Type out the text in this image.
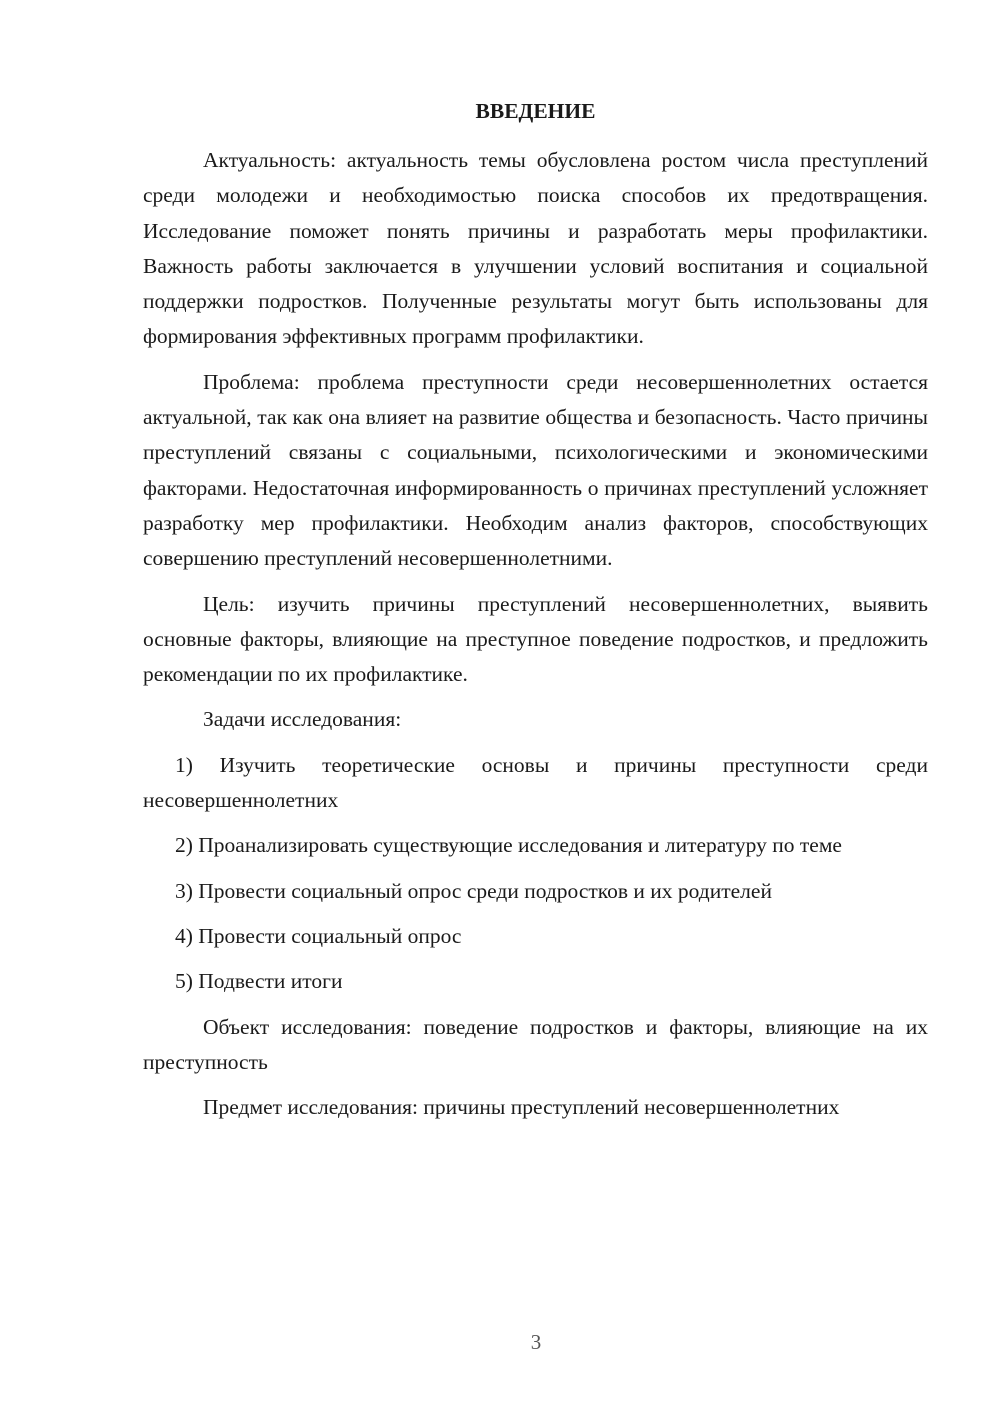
ВВЕДЕНИЕ

Актуальность: актуальность темы обусловлена ростом числа преступлений среди молодежи и необходимостью поиска способов их предотвращения. Исследование поможет понять причины и разработать меры профилактики. Важность работы заключается в улучшении условий воспитания и социальной поддержки подростков. Полученные результаты могут быть использованы для формирования эффективных программ профилактики.

Проблема: проблема преступности среди несовершеннолетних остается актуальной, так как она влияет на развитие общества и безопасность. Часто причины преступлений связаны с социальными, психологическими и экономическими факторами. Недостаточная информированность о причинах преступлений усложняет разработку мер профилактики. Необходим анализ факторов, способствующих совершению преступлений несовершеннолетними.

Цель: изучить причины преступлений несовершеннолетних, выявить основные факторы, влияющие на преступное поведение подростков, и предложить рекомендации по их профилактике.

Задачи исследования:

1) Изучить теоретические основы и причины преступности среди несовершеннолетних

2) Проанализировать существующие исследования и литературу по теме

3) Провести социальный опрос среди подростков и их родителей

4) Провести социальный опрос

5) Подвести итоги

Объект исследования: поведение подростков и факторы, влияющие на их преступность

Предмет исследования: причины преступлений несовершеннолетних

3
